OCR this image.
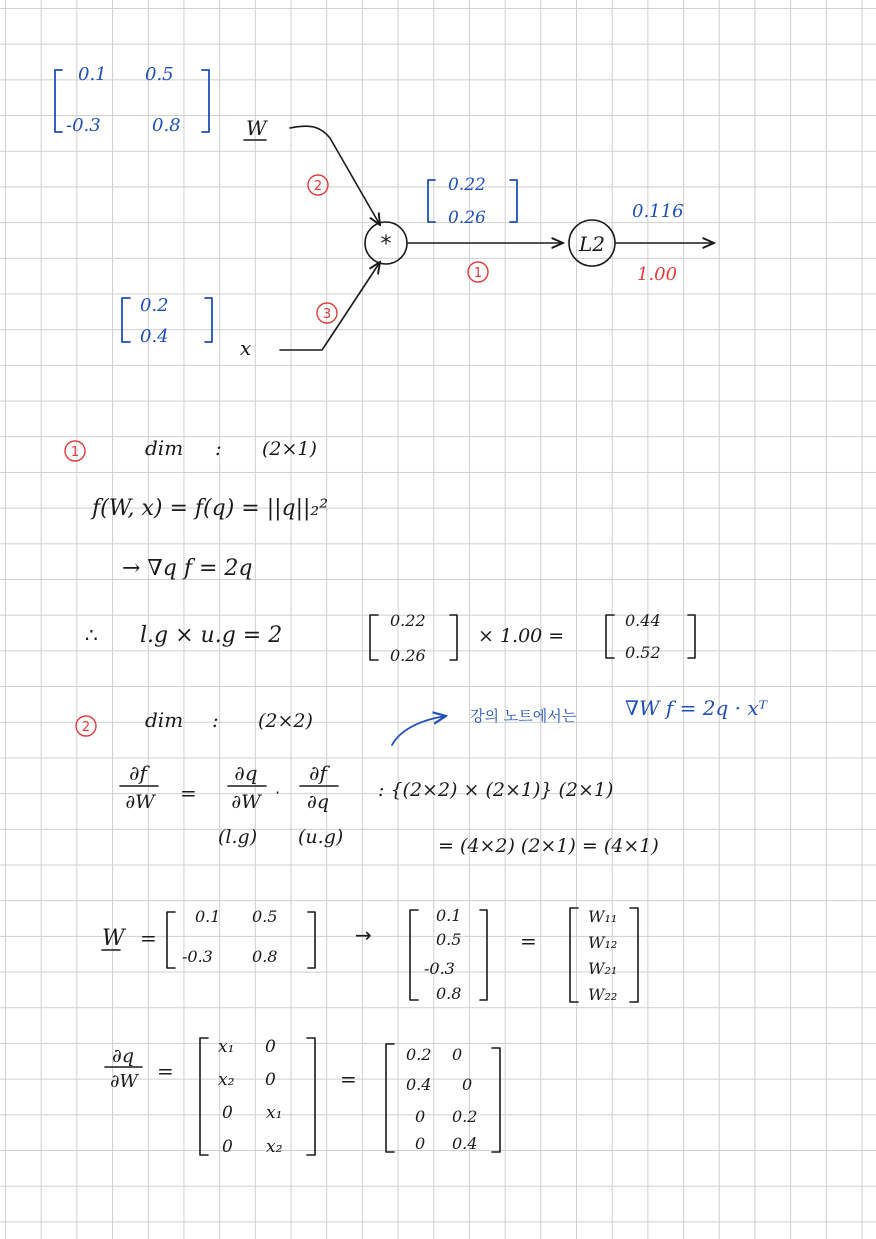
0.1 0.5
-0.3	0.8	W
2
0.2
0.4	x
3
*
0.22
0.26
1
L2
0.116
1.00
1	dim : (2×1)
f(W, x) = f(q) = ||q||₂²
→ ∇q f = 2q
∴ l.g × u.g = 2
0.22
0.26
× 1.00 =
0.44
0.52
2	dim : (2×2)	강의 노트에서는 ∇W f = 2q · xᵀ
∂f
∂W =
∂q
∂W ·
∂f
∂q
(l.g) (u.g)
: {(2×2) × (2×1)} (2×1)
= (4×2) (2×1) = (4×1)
W =
0.1 0.5
-0.3 0.8
→
0.1
0.5
-0.3
0.8
=
W₁₁
W₁₂
W₂₁
W₂₂
∂q
∂W =
x₁ 0
x₂ 0
0 x₁
0 x₂
=
0.2 0
0.4 0
0 0.2
0 0.4
